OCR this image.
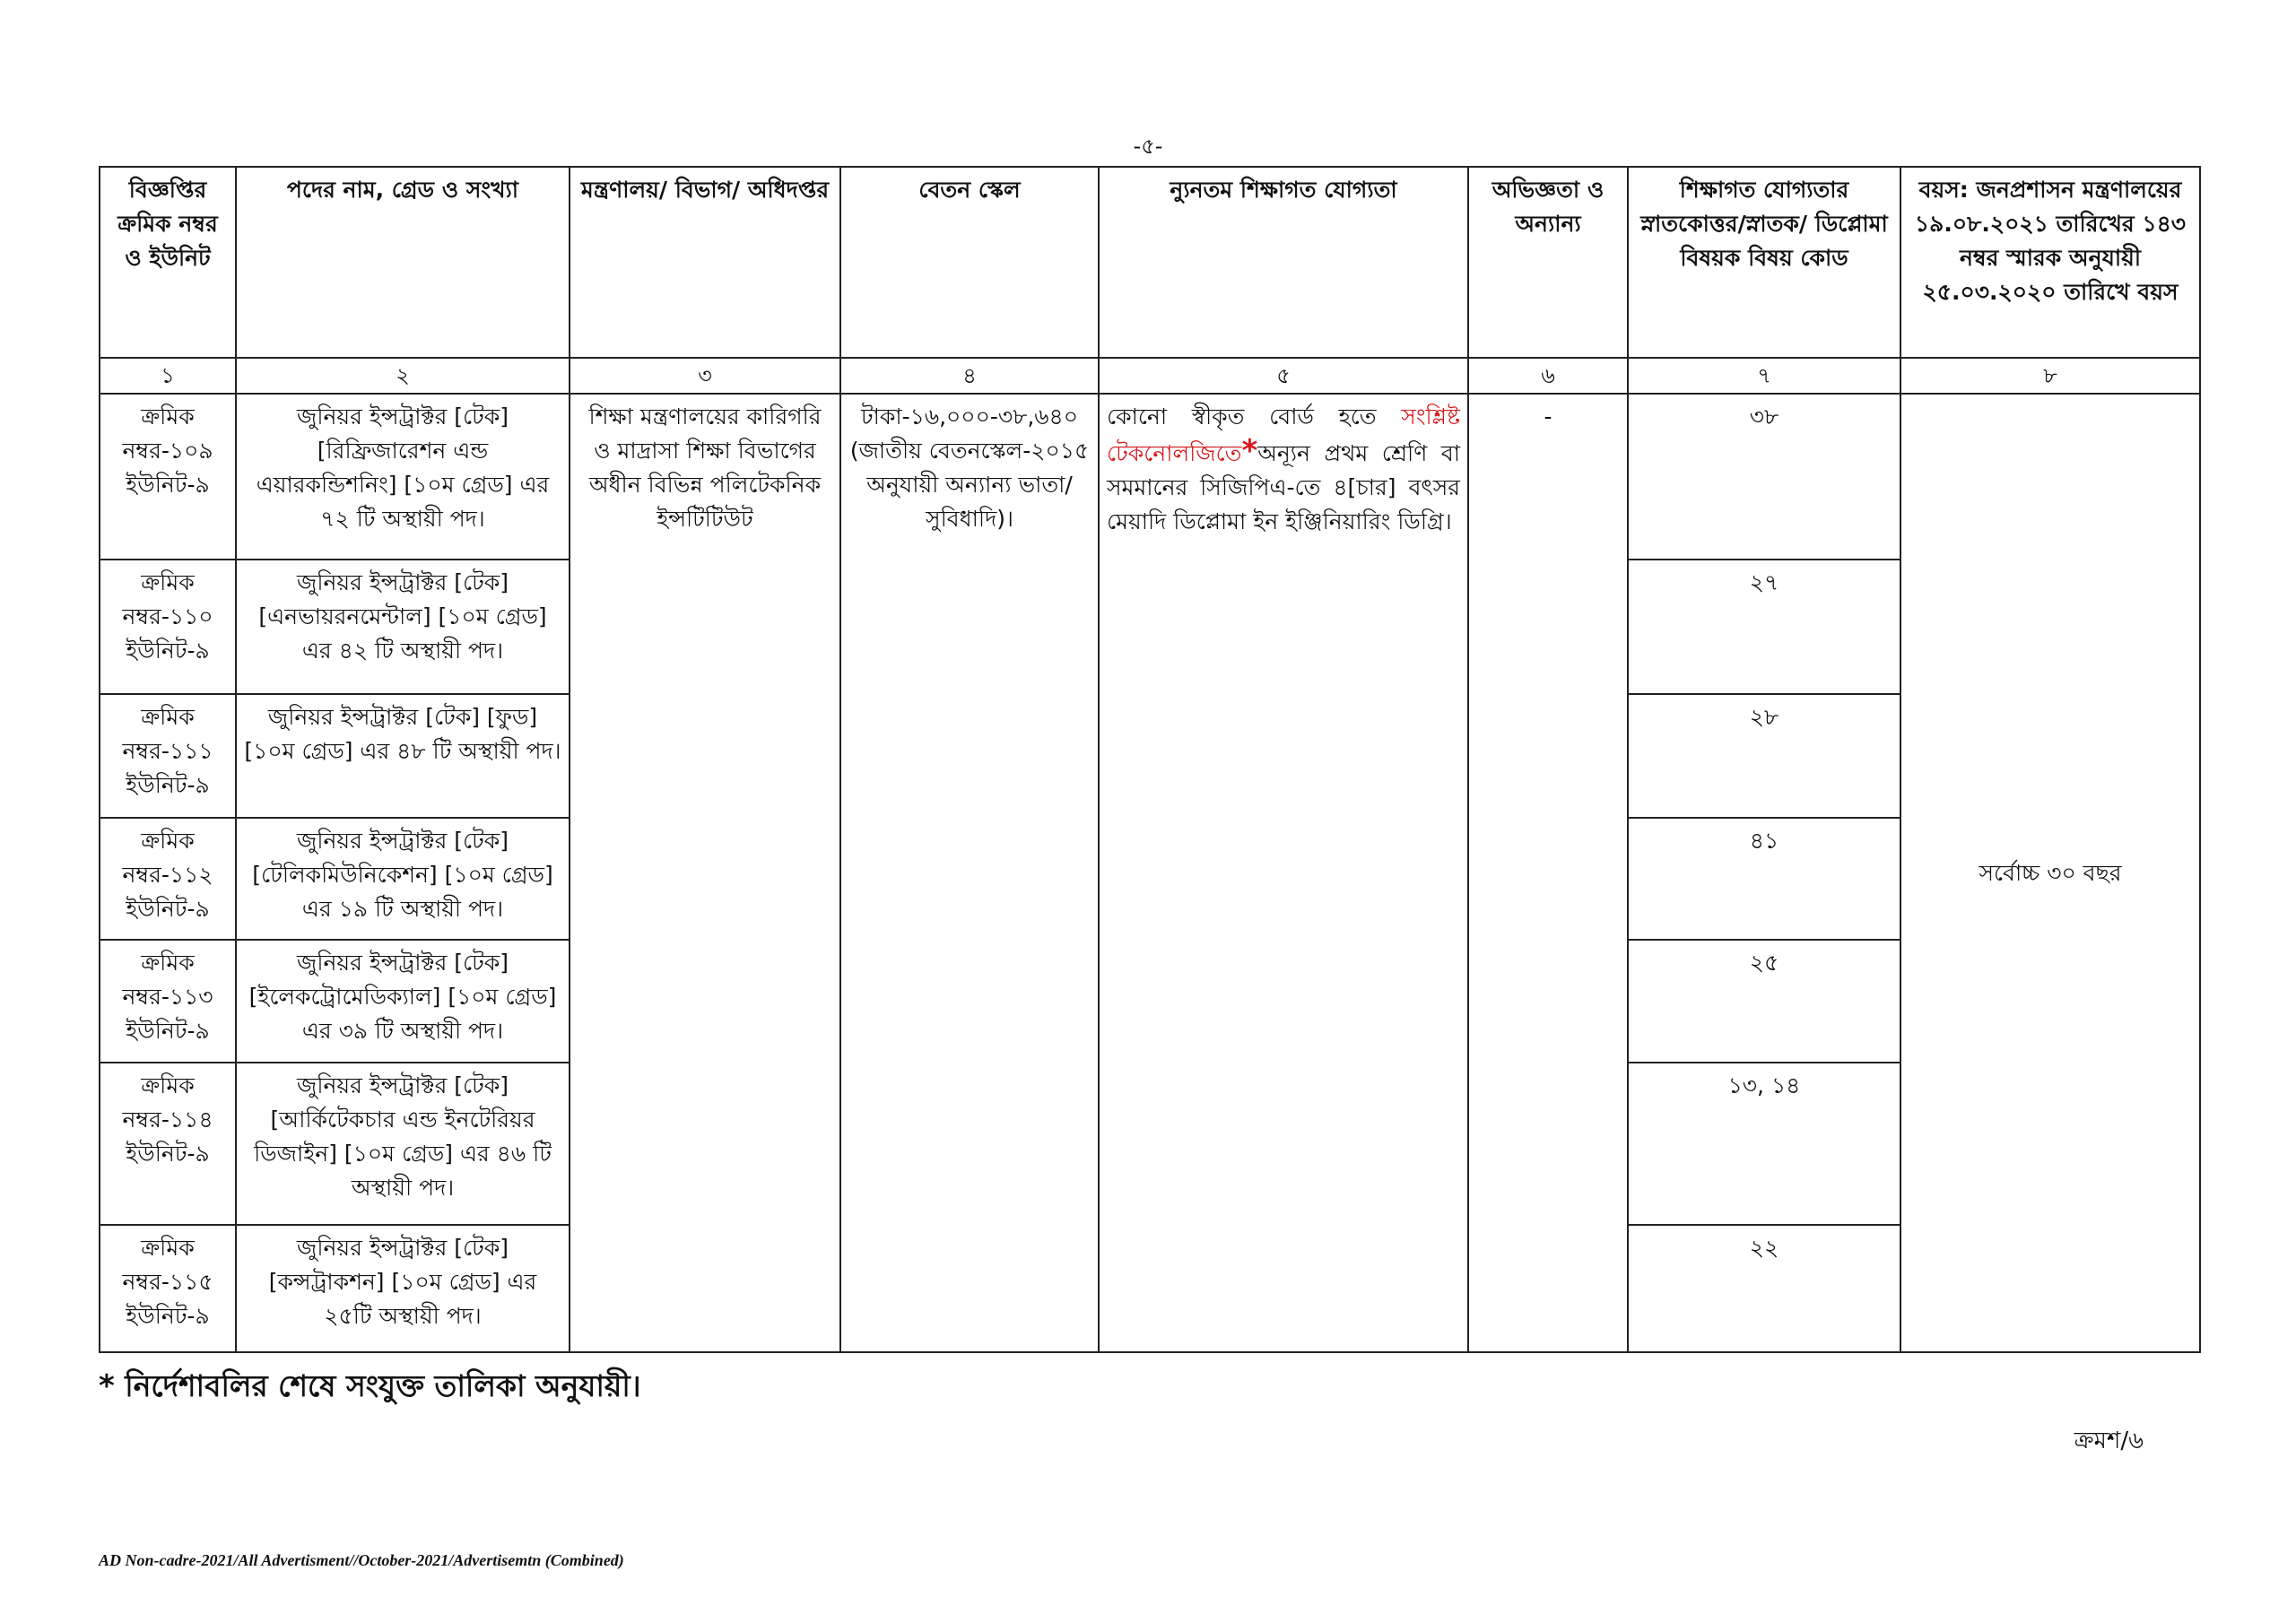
-৫-
বিজ্ঞপ্তির ক্রমিক নম্বর ও ইউনিট	পদের নাম, গ্রেড ও সংখ্যা	মন্ত্রণালয়/ বিভাগ/ অধিদপ্তর	বেতন স্কেল	ন্যুনতম শিক্ষাগত যোগ্যতা	অভিজ্ঞতা ও অন্যান্য	শিক্ষাগত যোগ্যতার স্নাতকোত্তর/স্নাতক/ ডিপ্লোমা বিষয়ক বিষয় কোড	বয়স: জনপ্রশাসন মন্ত্রণালয়ের ১৯.০৮.২০২১ তারিখের ১৪৩ নম্বর স্মারক অনুযায়ী ২৫.০৩.২০২০ তারিখে বয়স
১	২	৩	৪	৫	৬	৭	৮
ক্রমিক নম্বর-১০৯ ইউনিট-৯	জুনিয়র ইন্সট্রাক্টর [টেক] [রিফ্রিজারেশন এন্ড এয়ারকন্ডিশনিং] [১০ম গ্রেড] এর ৭২ টি অস্থায়ী পদ।	শিক্ষা মন্ত্রণালয়ের কারিগরি ও মাদ্রাসা শিক্ষা বিভাগের অধীন বিভিন্ন পলিটেকনিক ইন্সটিটিউট	টাকা-১৬,০০০-৩৮,৬৪০ (জাতীয় বেতনস্কেল-২০১৫ অনুযায়ী অন্যান্য ভাতা/সুবিধাদি)।	কোনো স্বীকৃত বোর্ড হতে সংশ্লিষ্ট টেকনোলজিতে*অন্যূন প্রথম শ্রেণি বা সমমানের সিজিপিএ-তে ৪[চার] বৎসর মেয়াদি ডিপ্লোমা ইন ইঞ্জিনিয়ারিং ডিগ্রি।	-	৩৮	সর্বোচ্চ ৩০ বছর
ক্রমিক নম্বর-১১০ ইউনিট-৯	জুনিয়র ইন্সট্রাক্টর [টেক] [এনভায়রনমেন্টাল] [১০ম গ্রেড] এর ৪২ টি অস্থায়ী পদ।					২৭	
ক্রমিক নম্বর-১১১ ইউনিট-৯	জুনিয়র ইন্সট্রাক্টর [টেক] [ফুড] [১০ম গ্রেড] এর ৪৮ টি অস্থায়ী পদ।					২৮	
ক্রমিক নম্বর-১১২ ইউনিট-৯	জুনিয়র ইন্সট্রাক্টর [টেক] [টেলিকমিউনিকেশন] [১০ম গ্রেড] এর ১৯ টি অস্থায়ী পদ।					৪১	
ক্রমিক নম্বর-১১৩ ইউনিট-৯	জুনিয়র ইন্সট্রাক্টর [টেক] [ইলেকট্রোমেডিক্যাল] [১০ম গ্রেড] এর ৩৯ টি অস্থায়ী পদ।					২৫	
ক্রমিক নম্বর-১১৪ ইউনিট-৯	জুনিয়র ইন্সট্রাক্টর [টেক] [আর্কিটেকচার এন্ড ইনটেরিয়র ডিজাইন] [১০ম গ্রেড] এর ৪৬ টি অস্থায়ী পদ।					১৩, ১৪	
ক্রমিক নম্বর-১১৫ ইউনিট-৯	জুনিয়র ইন্সট্রাক্টর [টেক] [কন্সট্রাকশন] [১০ম গ্রেড] এর ২৫টি অস্থায়ী পদ।					২২	
* নির্দেশাবলির শেষে সংযুক্ত তালিকা অনুযায়ী।
ক্রমশ/৬
AD Non-cadre-2021/All Advertisment//October-2021/Advertisemtn (Combined)
